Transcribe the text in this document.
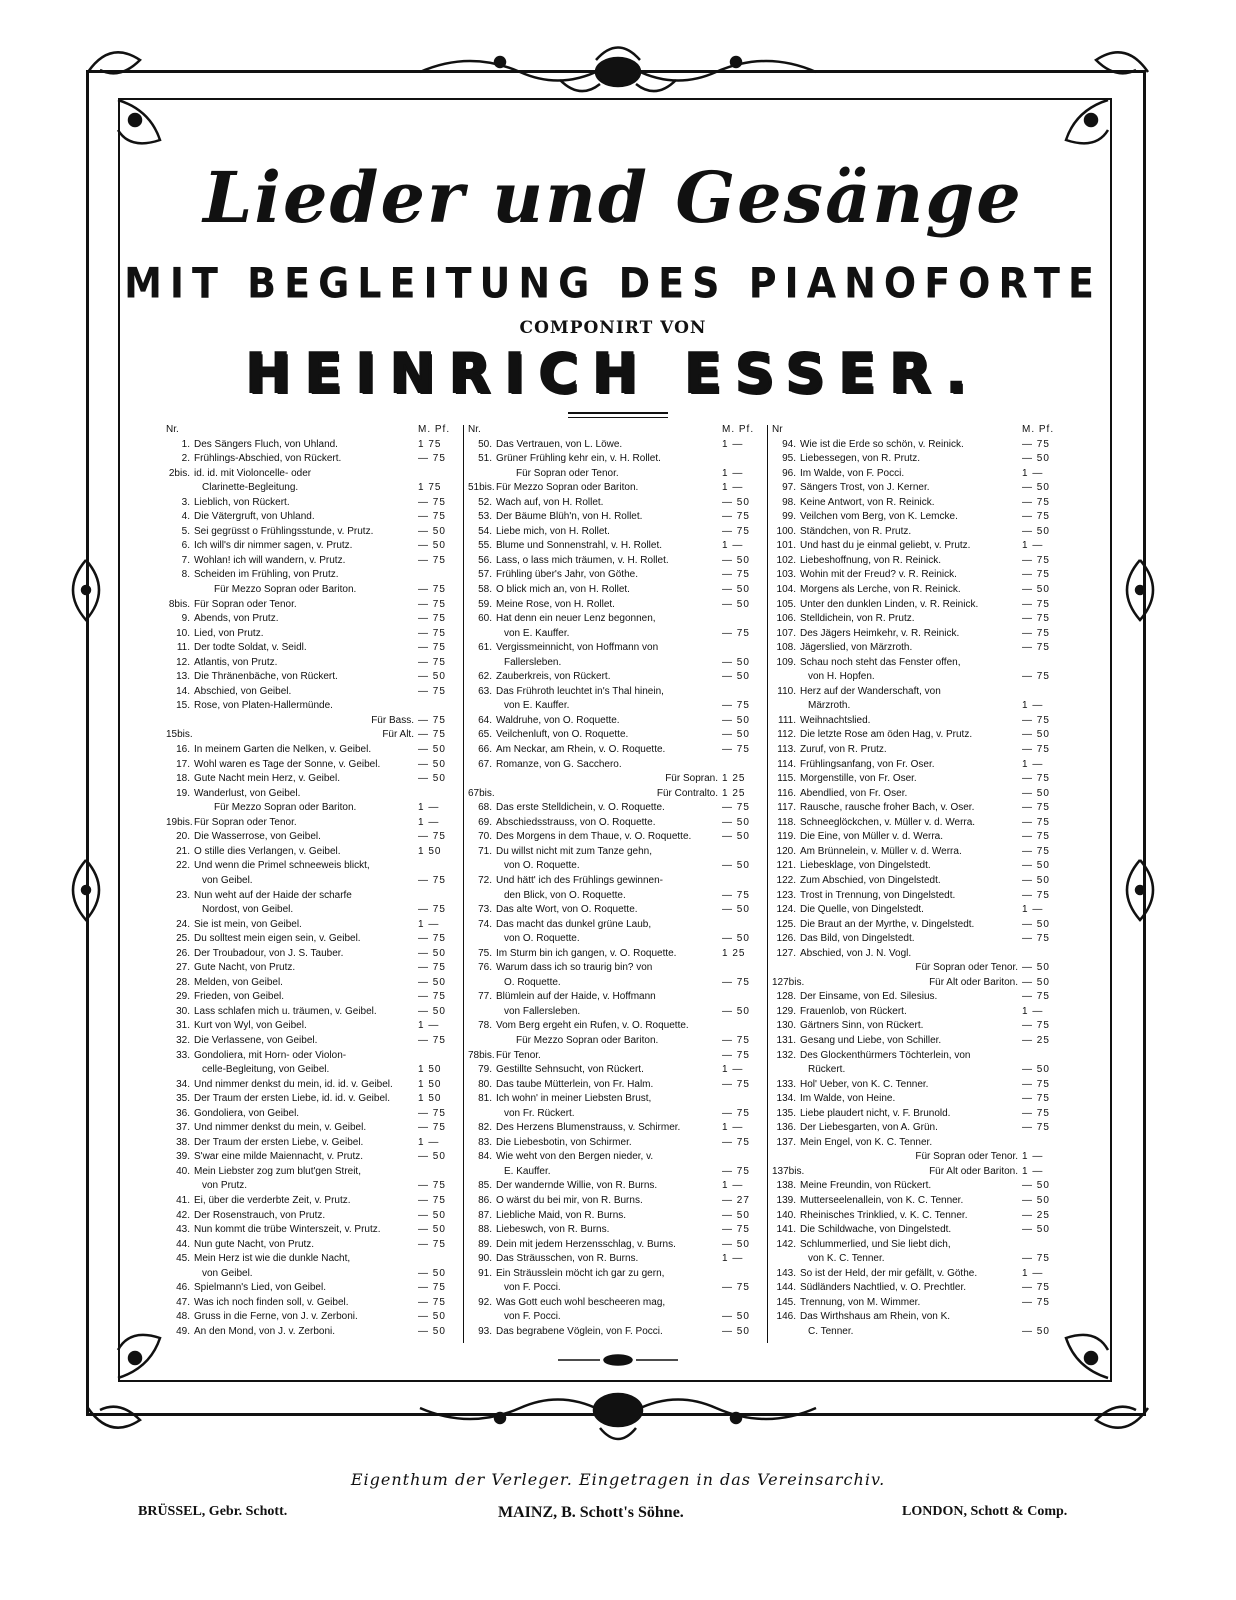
Lieder und Gesänge
MIT BEGLEITUNG DES PIANOFORTE
COMPONIRT VON
HEINRICH ESSER.
Nr.	M. Pf.
1. Des Sängers Fluch, von Uhland.	1 75
2. Frühlings-Abschied, von Rückert.	— 75
2bis. id. id. mit Violoncelle- oder
Clarinette-Begleitung.	1 75
3. Lieblich, von Rückert.	— 75
4. Die Vätergruft, von Uhland.	— 75
5. Sei gegrüsst o Frühlingsstunde, v. Prutz.	— 50
6. Ich will's dir nimmer sagen, v. Prutz.	— 50
7. Wohlan! ich will wandern, v. Prutz.	— 75
8. Scheiden im Frühling, von Prutz.
Für Mezzo Sopran oder Bariton.	— 75
8bis. Für Sopran oder Tenor.	— 75
9. Abends, von Prutz.	— 75
10. Lied, von Prutz.	— 75
11. Der todte Soldat, v. Seidl.	— 75
12. Atlantis, von Prutz.	— 75
13. Die Thränenbäche, von Rückert.	— 50
14. Abschied, von Geibel.	— 75
15. Rose, von Platen-Hallermünde.
Für Bass. — 75
15bis.	Für Alt. — 75
16. In meinem Garten die Nelken, v. Geibel.	— 50
17. Wohl waren es Tage der Sonne, v. Geibel.	— 50
18. Gute Nacht mein Herz, v. Geibel.	— 50
19. Wanderlust, von Geibel.
Für Mezzo Sopran oder Bariton.	1 —
19bis. Für Sopran oder Tenor.	1 —
20. Die Wasserrose, von Geibel.	— 75
21. O stille dies Verlangen, v. Geibel.	1 50
22. Und wenn die Primel schneeweis blickt,
von Geibel.	— 75
23. Nun weht auf der Haide der scharfe
Nordost, von Geibel.	— 75
24. Sie ist mein, von Geibel.	1 —
25. Du solltest mein eigen sein, v. Geibel.	— 75
26. Der Troubadour, von J. S. Tauber.	— 50
27. Gute Nacht, von Prutz.	— 75
28. Melden, von Geibel.	— 50
29. Frieden, von Geibel.	— 75
30. Lass schlafen mich u. träumen, v. Geibel.	— 50
31. Kurt von Wyl, von Geibel.	1 —
32. Die Verlassene, von Geibel.	— 75
33. Gondoliera, mit Horn- oder Violon-
celle-Begleitung, von Geibel.	1 50
34. Und nimmer denkst du mein, id. id. v. Geibel.	1 50
35. Der Traum der ersten Liebe, id. id. v. Geibel.	1 50
36. Gondoliera, von Geibel.	— 75
37. Und nimmer denkst du mein, v. Geibel.	— 75
38. Der Traum der ersten Liebe, v. Geibel.	1 —
39. S'war eine milde Maiennacht, v. Prutz.	— 50
40. Mein Liebster zog zum blut'gen Streit,
von Prutz.	— 75
41. Ei, über die verderbte Zeit, v. Prutz.	— 75
42. Der Rosenstrauch, von Prutz.	— 50
43. Nun kommt die trübe Winterszeit, v. Prutz.	— 50
44. Nun gute Nacht, von Prutz.	— 75
45. Mein Herz ist wie die dunkle Nacht,
von Geibel.	— 50
46. Spielmann's Lied, von Geibel.	— 75
47. Was ich noch finden soll, v. Geibel.	— 75
48. Gruss in die Ferne, von J. v. Zerboni.	— 50
49. An den Mond, von J. v. Zerboni.	— 50
Nr.	M. Pf.
50. Das Vertrauen, von L. Löwe.	1 —
51. Grüner Frühling kehr ein, v. H. Rollet.
Für Sopran oder Tenor.	1 —
51bis. Für Mezzo Sopran oder Bariton.	1 —
52. Wach auf, von H. Rollet.	— 50
53. Der Bäume Blüh'n, von H. Rollet.	— 75
54. Liebe mich, von H. Rollet.	— 75
55. Blume und Sonnenstrahl, v. H. Rollet.	1 —
56. Lass, o lass mich träumen, v. H. Rollet.	— 50
57. Frühling über's Jahr, von Göthe.	— 75
58. O blick mich an, von H. Rollet.	— 50
59. Meine Rose, von H. Rollet.	— 50
60. Hat denn ein neuer Lenz begonnen,
von E. Kauffer.	— 75
61. Vergissmeinnicht, von Hoffmann von
Fallersleben.	— 50
62. Zauberkreis, von Rückert.	— 50
63. Das Frühroth leuchtet in's Thal hinein,
von E. Kauffer.	— 75
64. Waldruhe, von O. Roquette.	— 50
65. Veilchenluft, von O. Roquette.	— 50
66. Am Neckar, am Rhein, v. O. Roquette.	— 75
67. Romanze, von G. Sacchero.
Für Sopran. 1 25
67bis.	Für Contralto. 1 25
68. Das erste Stelldichein, v. O. Roquette.	— 75
69. Abschiedsstrauss, von O. Roquette.	— 50
70. Des Morgens in dem Thaue, v. O. Roquette.	— 50
71. Du willst nicht mit zum Tanze gehn,
von O. Roquette.	— 50
72. Und hätt' ich des Frühlings gewinnen-
den Blick, von O. Roquette.	— 75
73. Das alte Wort, von O. Roquette.	— 50
74. Das macht das dunkel grüne Laub,
von O. Roquette.	— 50
75. Im Sturm bin ich gangen, v. O. Roquette.	1 25
76. Warum dass ich so traurig bin? von
O. Roquette.	— 75
77. Blümlein auf der Haide, v. Hoffmann
von Fallersleben.	— 50
78. Vom Berg ergeht ein Rufen, v. O. Roquette.
Für Mezzo Sopran oder Bariton.	— 75
78bis. Für Tenor.	— 75
79. Gestillte Sehnsucht, von Rückert.	1 —
80. Das taube Mütterlein, von Fr. Halm.	— 75
81. Ich wohn' in meiner Liebsten Brust,
von Fr. Rückert.	— 75
82. Des Herzens Blumenstrauss, v. Schirmer.	1 —
83. Die Liebesbotin, von Schirmer.	— 75
84. Wie weht von den Bergen nieder, v.
E. Kauffer.	— 75
85. Der wandernde Willie, von R. Burns.	1 —
86. O wärst du bei mir, von R. Burns.	— 27
87. Liebliche Maid, von R. Burns.	— 50
88. Liebeswch, von R. Burns.	— 75
89. Dein mit jedem Herzensschlag, v. Burns.	— 50
90. Das Sträusschen, von R. Burns.	1 —
91. Ein Sträusslein möcht ich gar zu gern,
von F. Pocci.	— 75
92. Was Gott euch wohl bescheeren mag,
von F. Pocci.	— 50
93. Das begrabene Vöglein, von F. Pocci.	— 50
Nr	M. Pf.
94. Wie ist die Erde so schön, v. Reinick.	— 75
95. Liebessegen, von R. Prutz.	— 50
96. Im Walde, von F. Pocci.	1 —
97. Sängers Trost, von J. Kerner.	— 50
98. Keine Antwort, von R. Reinick.	— 75
99. Veilchen vom Berg, von K. Lemcke.	— 75
100. Ständchen, von R. Prutz.	— 50
101. Und hast du je einmal geliebt, v. Prutz.	1 —
102. Liebeshoffnung, von R. Reinick.	— 75
103. Wohin mit der Freud? v. R. Reinick.	— 75
104. Morgens als Lerche, von R. Reinick.	— 50
105. Unter den dunklen Linden, v. R. Reinick.	— 75
106. Stelldichein, von R. Prutz.	— 75
107. Des Jägers Heimkehr, v. R. Reinick.	— 75
108. Jägerslied, von Märzroth.	— 75
109. Schau noch steht das Fenster offen,
von H. Hopfen.	— 75
110. Herz auf der Wanderschaft, von
Märzroth.	1 —
111. Weihnachtslied.	— 75
112. Die letzte Rose am öden Hag, v. Prutz.	— 50
113. Zuruf, von R. Prutz.	— 75
114. Frühlingsanfang, von Fr. Oser.	1 —
115. Morgenstille, von Fr. Oser.	— 75
116. Abendlied, von Fr. Oser.	— 50
117. Rausche, rausche froher Bach, v. Oser.	— 75
118. Schneeglöckchen, v. Müller v. d. Werra.	— 75
119. Die Eine, von Müller v. d. Werra.	— 75
120. Am Brünnelein, v. Müller v. d. Werra.	— 75
121. Liebesklage, von Dingelstedt.	— 50
122. Zum Abschied, von Dingelstedt.	— 50
123. Trost in Trennung, von Dingelstedt.	— 75
124. Die Quelle, von Dingelstedt.	1 —
125. Die Braut an der Myrthe, v. Dingelstedt.	— 50
126. Das Bild, von Dingelstedt.	— 75
127. Abschied, von J. N. Vogl.
Für Sopran oder Tenor. — 50
127bis.	Für Alt oder Bariton. — 50
128. Der Einsame, von Ed. Silesius.	— 75
129. Frauenlob, von Rückert.	1 —
130. Gärtners Sinn, von Rückert.	— 75
131. Gesang und Liebe, von Schiller.	— 25
132. Des Glockenthürmers Töchterlein, von
Rückert.	— 50
133. Hol' Ueber, von K. C. Tenner.	— 75
134. Im Walde, von Heine.	— 75
135. Liebe plaudert nicht, v. F. Brunold.	— 75
136. Der Liebesgarten, von A. Grün.	— 75
137. Mein Engel, von K. C. Tenner.
Für Sopran oder Tenor. 1 —
137bis.	Für Alt oder Bariton. 1 —
138. Meine Freundin, von Rückert.	— 50
139. Mutterseelenallein, von K. C. Tenner.	— 50
140. Rheinisches Trinklied, v. K. C. Tenner.	— 25
141. Die Schildwache, von Dingelstedt.	— 50
142. Schlummerlied, und Sie liebt dich,
von K. C. Tenner.	— 75
143. So ist der Held, der mir gefällt, v. Göthe.	1 —
144. Südländers Nachtlied, v. O. Prechtler.	— 75
145. Trennung, von M. Wimmer.	— 75
146. Das Wirthshaus am Rhein, von K.
C. Tenner.	— 50
Eigenthum der Verleger. Eingetragen in das Vereinsarchiv.
BRÜSSEL, Gebr. Schott.	MAINZ, B. Schott's Söhne.	LONDON, Schott & Comp.
